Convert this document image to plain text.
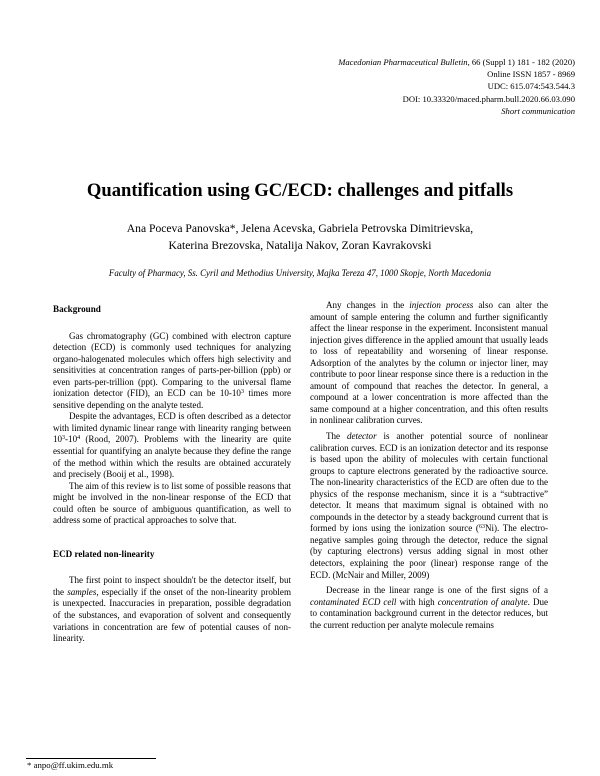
Macedonian Pharmaceutical Bulletin, 66 (Suppl 1) 181 - 182 (2020)
Online ISSN 1857 - 8969
UDC: 615.074:543.544.3
DOI: 10.33320/maced.pharm.bull.2020.66.03.090
Short communication
Quantification using GC/ECD: challenges and pitfalls
Ana Poceva Panovska*, Jelena Acevska, Gabriela Petrovska Dimitrievska,
Katerina Brezovska, Natalija Nakov, Zoran Kavrakovski
Faculty of Pharmacy, Ss. Cyril and Methodius University, Majka Tereza 47, 1000 Skopje, North Macedonia
Background

Gas chromatography (GC) combined with electron capture detection (ECD) is commonly used techniques for analyzing organo-halogenated molecules which offers high selectivity and sensitivities at concentration ranges of parts-per-billion (ppb) or even parts-per-trillion (ppt). Comparing to the universal flame ionization detector (FID), an ECD can be $10-10^3$ times more sensitive depending on the analyte tested.

Despite the advantages, ECD is often described as a detector with limited dynamic linear range with linearity ranging between $10^3-10^4$ (Rood, 2007). Problems with the linearity are quite essential for quantifying an analyte because they define the range of the method within which the results are obtained accurately and precisely (Booij et al., 1998).

The aim of this review is to list some of possible reasons that might be involved in the non-linear response of the ECD that could often be source of ambiguous quantification, as well to address some of practical approaches to solve that.

ECD related non-linearity

The first point to inspect shouldn't be the detector itself, but the samples, especially if the onset of the non-linearity problem is unexpected. Inaccuracies in preparation, possible degradation of the substances, and evaporation of solvent and consequently variations in concentration are few of potential causes of non-linearity.

Any changes in the injection process also can alter the amount of sample entering the column and further significantly affect the linear response in the experiment. Inconsistent manual injection gives difference in the applied amount that usually leads to loss of repeatability and worsening of linear response. Adsorption of the analytes by the column or injector liner, may contribute to poor linear response since there is a reduction in the amount of compound that reaches the detector. In general, a compound at a lower concentration is more affected than the same compound at a higher concentration, and this often results in nonlinear calibration curves.

The detector is another potential source of nonlinear calibration curves. ECD is an ionization detector and its response is based upon the ability of molecules with certain functional groups to capture electrons generated by the radioactive source. The non-linearity characteristics of the ECD are often due to the physics of the response mechanism, since it is a “subtractive” detector. It means that maximum signal is obtained with no compounds in the detector by a steady background current that is formed by ions using the ionization source ($^{63}$Ni). The electro-negative samples going through the detector, reduce the signal (by capturing electrons) versus adding signal in most other detectors, explaining the poor (linear) response range of the ECD. (McNair and Miller, 2009)

Decrease in the linear range is one of the first signs of a contaminated ECD cell with high concentration of analyte. Due to contamination background current in the detector reduces, but the current reduction per analyte molecule remains

* anpo@ff.ukim.edu.mk
